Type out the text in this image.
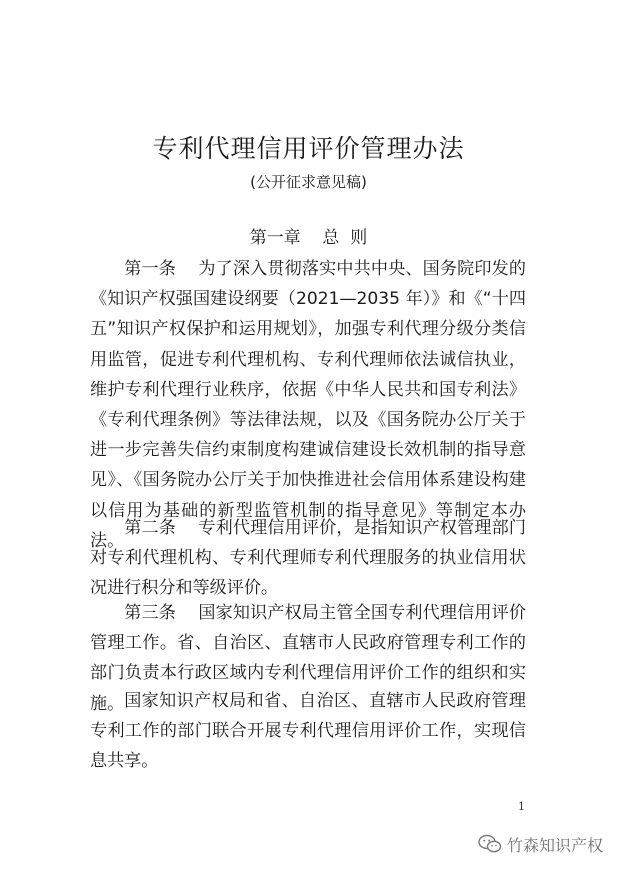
专利代理信用评价管理办法
(公开征求意见稿)
第一章    总  则

第一条    为了深入贯彻落实中共中央、国务院印发的《知识产权强国建设纲要（2021—2035 年）》和《“十四五”知识产权保护和运用规划》，加强专利代理分级分类信用监管，促进专利代理机构、专利代理师依法诚信执业，维护专利代理行业秩序，依据《中华人民共和国专利法》《专利代理条例》等法律法规，以及《国务院办公厅关于进一步完善失信约束制度构建诚信建设长效机制的指导意见》、《国务院办公厅关于加快推进社会信用体系建设构建以信用为基础的新型监管机制的指导意见》等制定本办法。

第二条    专利代理信用评价，是指知识产权管理部门对专利代理机构、专利代理师专利代理服务的执业信用状况进行积分和等级评价。

第三条    国家知识产权局主管全国专利代理信用评价管理工作。省、自治区、直辖市人民政府管理专利工作的部门负责本行政区域内专利代理信用评价工作的组织和实施。 国家知识产权局和省、自治区、直辖市人民政府管理专利工作的部门联合开展专利代理信用评价工作，实现信息共享。

1
竹森知识产权
